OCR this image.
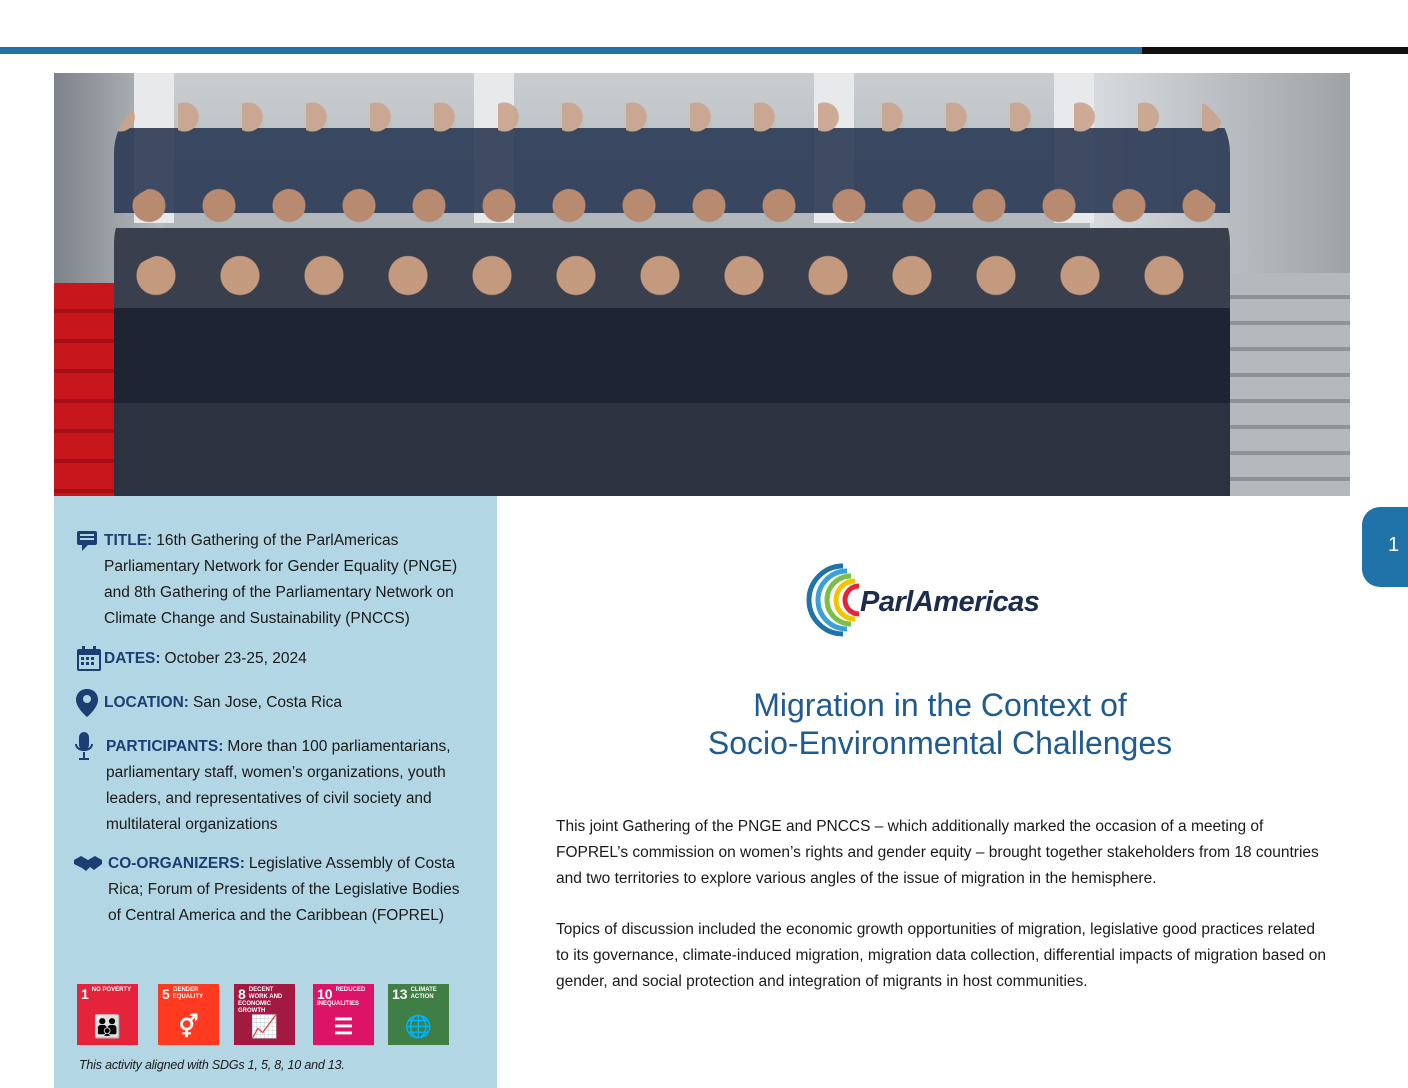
TITLE: 16th Gathering of the ParlAmericas Parliamentary Network for Gender Equality (PNGE) and 8th Gathering of the Parliamentary Network on Climate Change and Sustainability (PNCCS)
DATES: October 23-25, 2024
LOCATION: San Jose, Costa Rica
PARTICIPANTS: More than 100 parliamentarians, parliamentary staff, women’s organizations, youth leaders, and representatives of civil society and multilateral organizations
CO-ORGANIZERS: Legislative Assembly of Costa Rica; Forum of Presidents of the Legislative Bodies of Central America and the Caribbean (FOPREL)
1 NO POVERTY
👪
5 GENDER EQUALITY
⚥
8 DECENT WORK AND ECONOMIC GROWTH
📈
10 REDUCED INEQUALITIES
☰
13 CLIMATE ACTION
🌐
This activity aligned with SDGs 1, 5, 8, 10 and 13.
1
ParlAmericas
Migration in the Context of
Socio-Environmental Challenges

This joint Gathering of the PNGE and PNCCS – which additionally marked the occasion of a meeting of FOPREL’s commission on women’s rights and gender equity – brought together stakeholders from 18 countries and two territories to explore various angles of the issue of migration in the hemisphere.

Topics of discussion included the economic growth opportunities of migration, legislative good practices related to its governance, climate-induced migration, migration data collection, differential impacts of migration based on gender, and social protection and integration of migrants in host communities.
